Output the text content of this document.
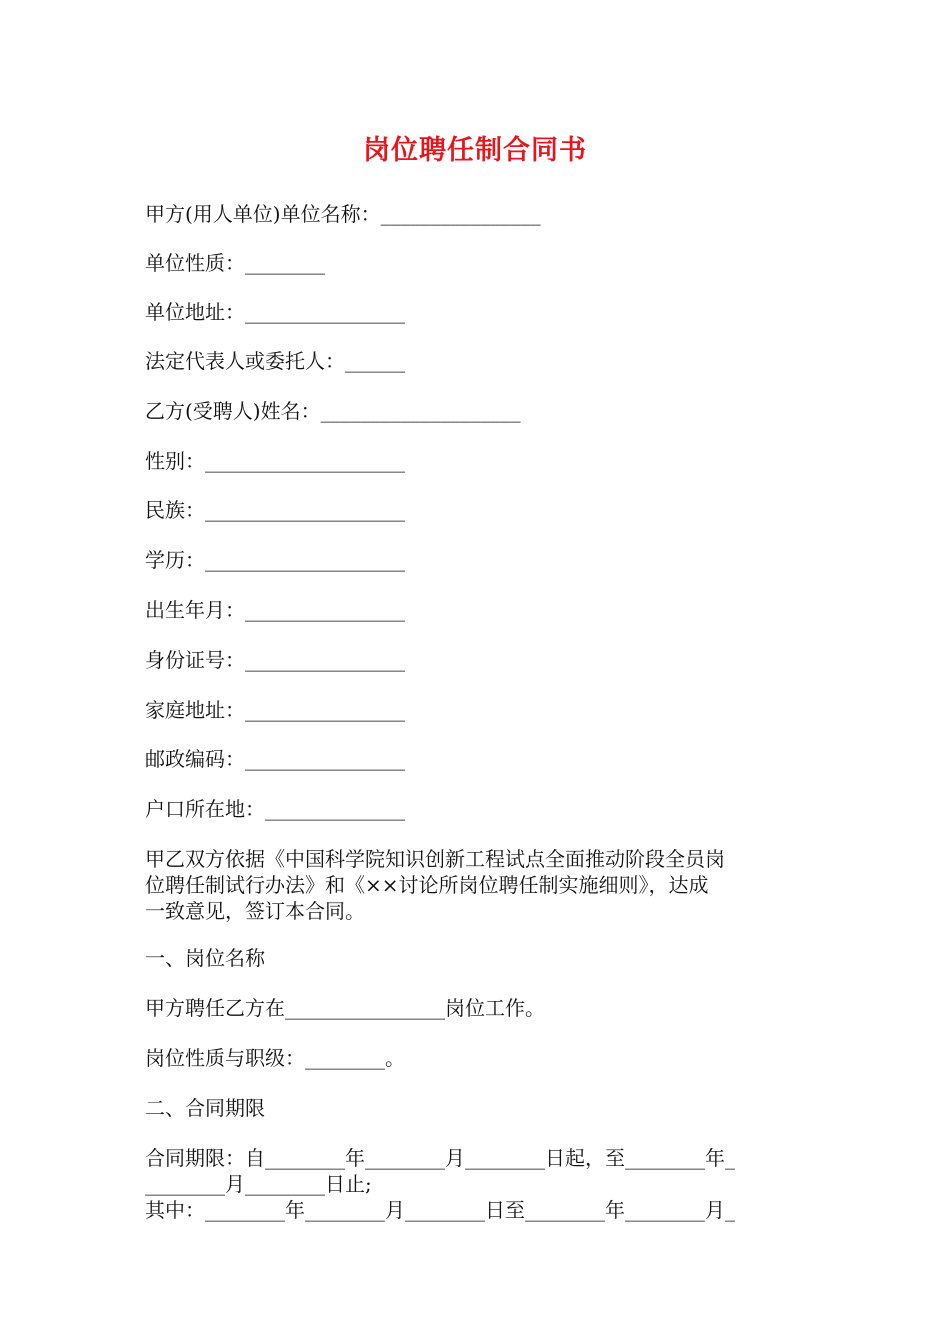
岗位聘任制合同书
甲方(用人单位)单位名称：________________
单位性质：________
单位地址：________________
法定代表人或委托人：______
乙方(受聘人)姓名：____________________
性别：____________________
民族：____________________
学历：____________________
出生年月：________________
身份证号：________________
家庭地址：________________
邮政编码：________________
户口所在地：______________
甲乙双方依据《中国科学院知识创新工程试点全面推动阶段全员岗
位聘任制试行办法》和《××讨论所岗位聘任制实施细则》，达成
一致意见，签订本合同。
一、岗位名称
甲方聘任乙方在________________岗位工作。
岗位性质与职级：________。
二、合同期限
合同期限：自________年________月________日起，至________年_
________月________日止;
其中：________年________月________日至________年________月_
